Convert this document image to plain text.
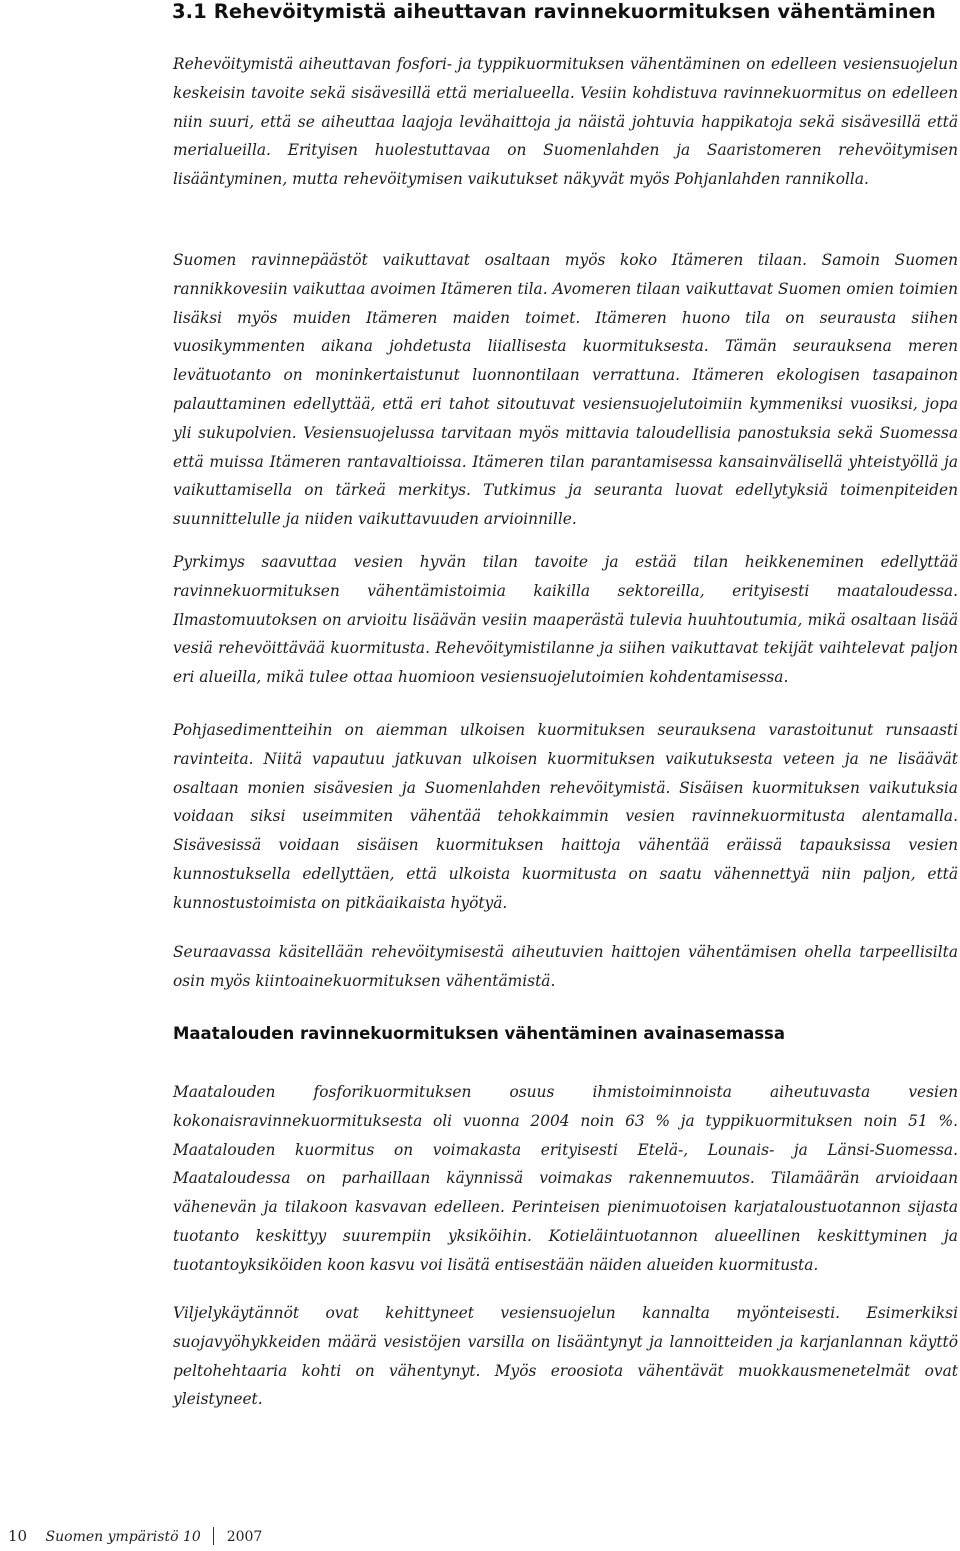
3.1 Rehevöitymistä aiheuttavan ravinnekuormituksen vähentäminen

Rehevöitymistä aiheuttavan fosfori- ja typpikuormituksen vähentäminen on edelleen vesiensuojelun keskeisin tavoite sekä sisävesillä että merialueella. Vesiin kohdistuva ravinnekuormitus on edelleen niin suuri, että se aiheuttaa laajoja levähaittoja ja näistä johtuvia happikatoja sekä sisävesillä että merialueilla. Erityisen huolestuttavaa on Suomenlahden ja Saaristomeren rehevöitymisen lisääntyminen, mutta rehevöitymisen vaikutukset näkyvät myös Pohjanlahden rannikolla.

Suomen ravinnepäästöt vaikuttavat osaltaan myös koko Itämeren tilaan. Samoin Suomen rannikkovesiin vaikuttaa avoimen Itämeren tila. Avomeren tilaan vaikuttavat Suomen omien toimien lisäksi myös muiden Itämeren maiden toimet. Itämeren huono tila on seurausta siihen vuosikymmenten aikana johdetusta liiallisesta kuormituksesta. Tämän seurauksena meren levätuotanto on moninkertaistunut luonnontilaan verrattuna. Itämeren ekologisen tasapainon palauttaminen edellyttää, että eri tahot sitoutuvat vesiensuojelutoimiin kymmeniksi vuosiksi, jopa yli sukupolvien. Vesiensuojelussa tarvitaan myös mittavia taloudellisia panostuksia sekä Suomessa että muissa Itämeren rantavaltioissa. Itämeren tilan parantamisessa kansainvälisellä yhteistyöllä ja vaikuttamisella on tärkeä merkitys. Tutkimus ja seuranta luovat edellytyksiä toimenpiteiden suunnittelulle ja niiden vaikuttavuuden arvioinnille.

Pyrkimys saavuttaa vesien hyvän tilan tavoite ja estää tilan heikkeneminen edellyttää ravinnekuormituksen vähentämistoimia kaikilla sektoreilla, erityisesti maataloudessa. Ilmastomuutoksen on arvioitu lisäävän vesiin maaperästä tulevia huuhtoutumia, mikä osaltaan lisää vesiä rehevöittävää kuormitusta. Rehevöitymistilanne ja siihen vaikuttavat tekijät vaihtelevat paljon eri alueilla, mikä tulee ottaa huomioon vesiensuojelutoimien kohdentamisessa.

Pohjasedimentteihin on aiemman ulkoisen kuormituksen seurauksena varastoitunut runsaasti ravinteita. Niitä vapautuu jatkuvan ulkoisen kuormituksen vaikutuksesta veteen ja ne lisäävät osaltaan monien sisävesien ja Suomenlahden rehevöitymistä. Sisäisen kuormituksen vaikutuksia voidaan siksi useimmiten vähentää tehokkaimmin vesien ravinnekuormitusta alentamalla. Sisävesissä voidaan sisäisen kuormituksen haittoja vähentää eräissä tapauksissa vesien kunnostuksella edellyttäen, että ulkoista kuormitusta on saatu vähennettyä niin paljon, että kunnostustoimista on pitkäaikaista hyötyä.

Seuraavassa käsitellään rehevöitymisestä aiheutuvien haittojen vähentämisen ohella tarpeellisilta osin myös kiintoainekuormituksen vähentämistä.

Maatalouden ravinnekuormituksen vähentäminen avainasemassa

Maatalouden fosforikuormituksen osuus ihmistoiminnoista aiheutuvasta vesien kokonaisravinnekuormituksesta oli vuonna 2004 noin 63 % ja typpikuormituksen noin 51 %. Maatalouden kuormitus on voimakasta erityisesti Etelä-, Lounais- ja Länsi-Suomessa. Maataloudessa on parhaillaan käynnissä voimakas rakennemuutos. Tilamäärän arvioidaan vähenevän ja tilakoon kasvavan edelleen. Perinteisen pienimuotoisen karjataloustuotannon sijasta tuotanto keskittyy suurempiin yksiköihin. Kotieläintuotannon alueellinen keskittyminen ja tuotantoyksiköiden koon kasvu voi lisätä entisestään näiden alueiden kuormitusta.

Viljelykäytännöt ovat kehittyneet vesiensuojelun kannalta myönteisesti. Esimerkiksi suojavyöhykkeiden määrä vesistöjen varsilla on lisääntynyt ja lannoitteiden ja karjanlannan käyttö peltohehtaaria kohti on vähentynyt. Myös eroosiota vähentävät muokkausmenetelmät ovat yleistyneet.

10 Suomen ympäristö 10 2007
